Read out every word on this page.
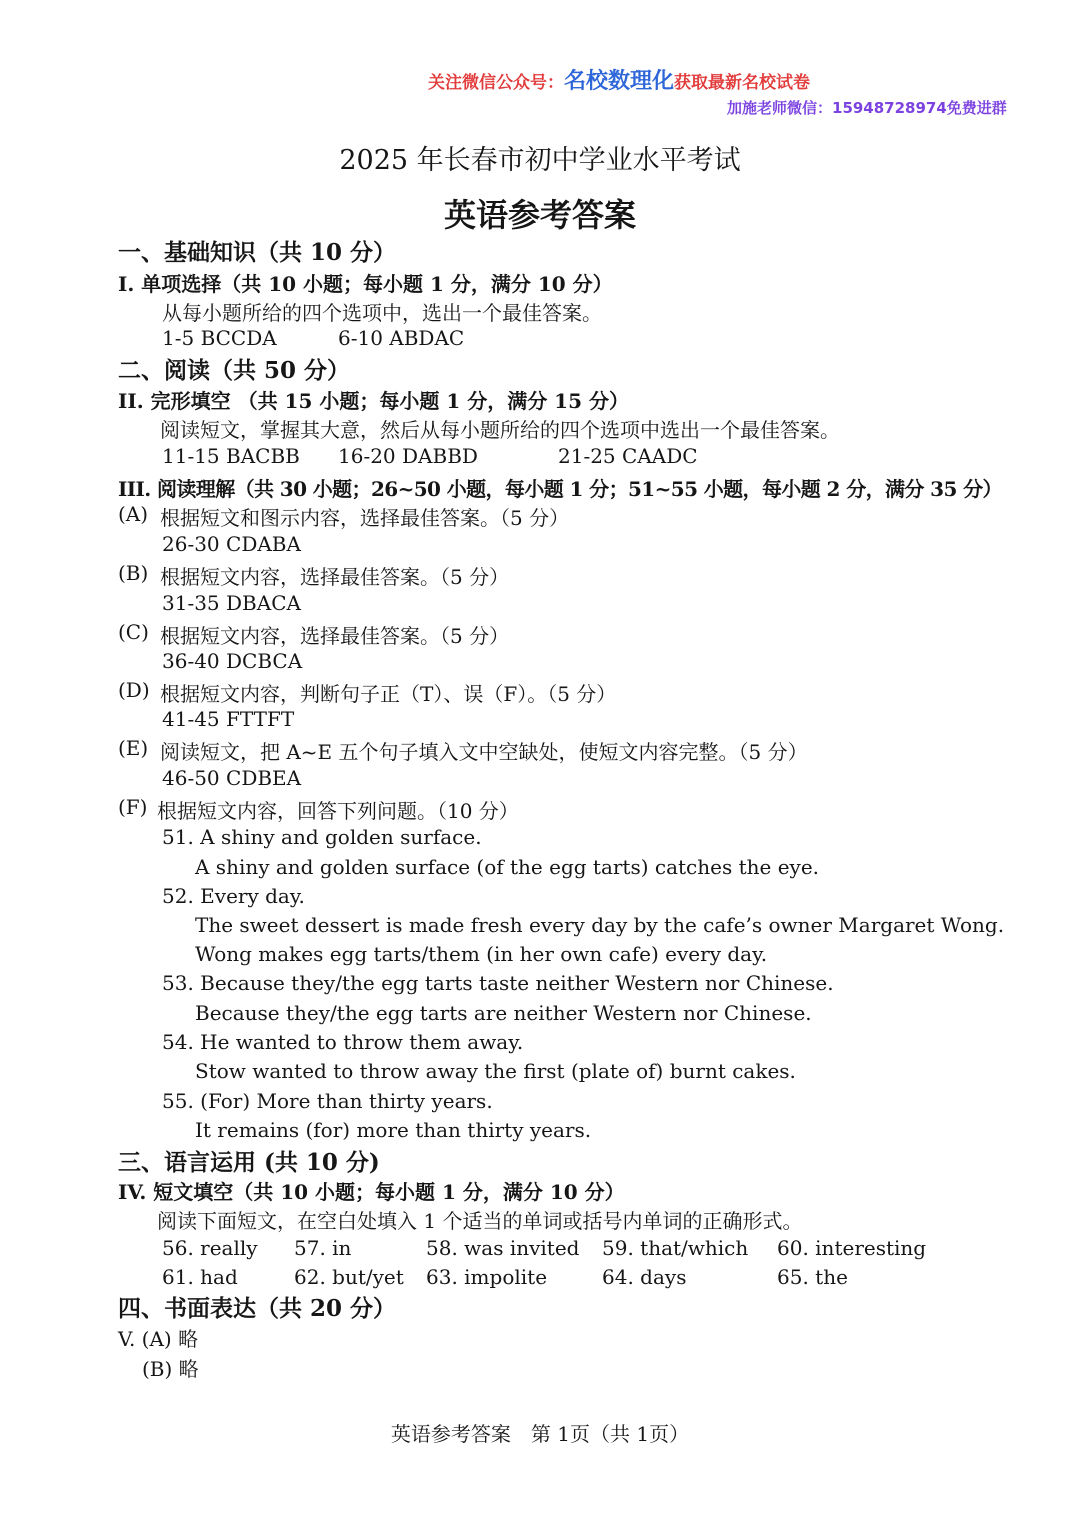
关注微信公众号：名校数理化获取最新名校试卷
加施老师微信：15948728974免费进群
2025 年长春市初中学业水平考试
英语参考答案
一、基础知识（共 10 分）
I. 单项选择（共 10 小题；每小题 1 分，满分 10 分）
从每小题所给的四个选项中，选出一个最佳答案。
1-5 BCCDA	6-10 ABDAC
二、阅读（共 50 分）
II. 完形填空 （共 15 小题；每小题 1 分，满分 15 分）
阅读短文，掌握其大意，然后从每小题所给的四个选项中选出一个最佳答案。
11-15 BACBB 16-20 DABBD	21-25 CAADC
III. 阅读理解（共 30 小题；26~50 小题，每小题 1 分；51~55 小题，每小题 2 分，满分 35 分）
(A) 根据短文和图示内容，选择最佳答案。（5 分）
26-30 CDABA
(B) 根据短文内容，选择最佳答案。（5 分）
31-35 DBACA
(C) 根据短文内容，选择最佳答案。（5 分）
36-40 DCBCA
(D) 根据短文内容，判断句子正（T）、误（F）。（5 分）
41-45 FTTFT
(E) 阅读短文，把 A~E 五个句子填入文中空缺处，使短文内容完整。（5 分）
46-50 CDBEA
(F) 根据短文内容，回答下列问题。（10 分）
51. A shiny and golden surface.
A shiny and golden surface (of the egg tarts) catches the eye.
52. Every day.
The sweet dessert is made fresh every day by the cafe’s owner Margaret Wong.
Wong makes egg tarts/them (in her own cafe) every day.
53. Because they/the egg tarts taste neither Western nor Chinese.
Because they/the egg tarts are neither Western nor Chinese.
54. He wanted to throw them away.
Stow wanted to throw away the first (plate of) burnt cakes.
55. (For) More than thirty years.
It remains (for) more than thirty years.
三、语言运用 (共 10 分)
IV. 短文填空（共 10 小题；每小题 1 分，满分 10 分）
阅读下面短文，在空白处填入 1 个适当的单词或括号内单词的正确形式。
56. really 57. in	58. was invited 59. that/which 60. interesting
61. had	62. but/yet 63. impolite	64. days	65. the
四、书面表达（共 20 分）
V. (A) 略
(B) 略
英语参考答案　第 1页（共 1页）
